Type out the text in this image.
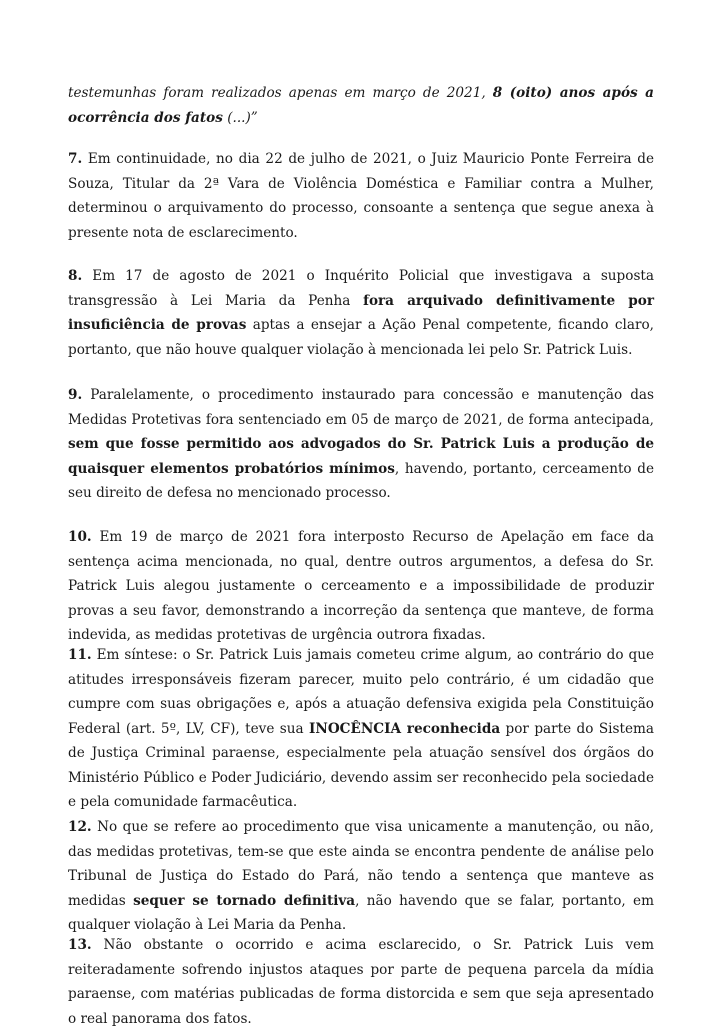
testemunhas foram realizados apenas em março de 2021, 8 (oito) anos após a ocorrência dos fatos (...)”

7. Em continuidade, no dia 22 de julho de 2021, o Juiz Mauricio Ponte Ferreira de Souza, Titular da 2ª Vara de Violência Doméstica e Familiar contra a Mulher, determinou o arquivamento do processo, consoante a sentença que segue anexa à presente nota de esclarecimento.

8. Em 17 de agosto de 2021 o Inquérito Policial que investigava a suposta transgressão à Lei Maria da Penha fora arquivado definitivamente por insuficiência de provas aptas a ensejar a Ação Penal competente, ficando claro, portanto, que não houve qualquer violação à mencionada lei pelo Sr. Patrick Luis.

9. Paralelamente, o procedimento instaurado para concessão e manutenção das Medidas Protetivas fora sentenciado em 05 de março de 2021, de forma antecipada, sem que fosse permitido aos advogados do Sr. Patrick Luis a produção de quaisquer elementos probatórios mínimos, havendo, portanto, cerceamento de seu direito de defesa no mencionado processo.

10. Em 19 de março de 2021 fora interposto Recurso de Apelação em face da sentença acima mencionada, no qual, dentre outros argumentos, a defesa do Sr. Patrick Luis alegou justamente o cerceamento e a impossibilidade de produzir provas a seu favor, demonstrando a incorreção da sentença que manteve, de forma indevida, as medidas protetivas de urgência outrora fixadas.

11. Em síntese: o Sr. Patrick Luis jamais cometeu crime algum, ao contrário do que atitudes irresponsáveis fizeram parecer, muito pelo contrário, é um cidadão que cumpre com suas obrigações e, após a atuação defensiva exigida pela Constituição Federal (art. 5º, LV, CF), teve sua INOCÊNCIA reconhecida por parte do Sistema de Justiça Criminal paraense, especialmente pela atuação sensível dos órgãos do Ministério Público e Poder Judiciário, devendo assim ser reconhecido pela sociedade e pela comunidade farmacêutica.

12. No que se refere ao procedimento que visa unicamente a manutenção, ou não, das medidas protetivas, tem-se que este ainda se encontra pendente de análise pelo Tribunal de Justiça do Estado do Pará, não tendo a sentença que manteve as medidas sequer se tornado definitiva, não havendo que se falar, portanto, em qualquer violação à Lei Maria da Penha.

13. Não obstante o ocorrido e acima esclarecido, o Sr. Patrick Luis vem reiteradamente sofrendo injustos ataques por parte de pequena parcela da mídia paraense, com matérias publicadas de forma distorcida e sem que seja apresentado o real panorama dos fatos.
